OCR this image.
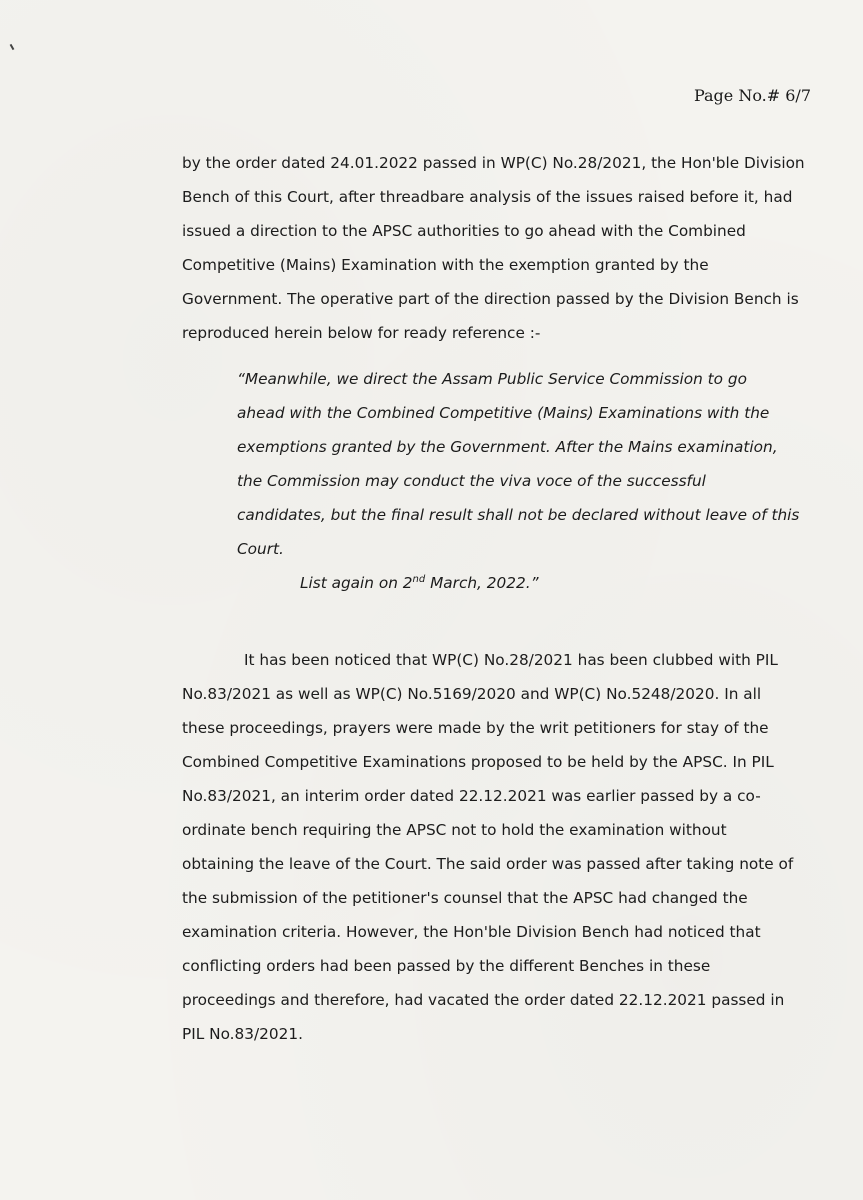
Page No.# 6/7
by the order dated 24.01.2022 passed in WP(C) No.28/2021, the Hon'ble Division
Bench of this Court, after threadbare analysis of the issues raised before it, had
issued a direction to the APSC authorities to go ahead with the Combined
Competitive (Mains) Examination with the exemption granted by the
Government. The operative part of the direction passed by the Division Bench is
reproduced herein below for ready reference :-
“Meanwhile, we direct the Assam Public Service Commission to go
ahead with the Combined Competitive (Mains) Examinations with the
exemptions granted by the Government. After the Mains examination,
the Commission may conduct the viva voce of the successful
candidates, but the final result shall not be declared without leave of this
Court.
List again on 2nd March, 2022.”
It has been noticed that WP(C) No.28/2021 has been clubbed with PIL
No.83/2021 as well as WP(C) No.5169/2020 and WP(C) No.5248/2020. In all
these proceedings, prayers were made by the writ petitioners for stay of the
Combined Competitive Examinations proposed to be held by the APSC. In PIL
No.83/2021, an interim order dated 22.12.2021 was earlier passed by a co-
ordinate bench requiring the APSC not to hold the examination without
obtaining the leave of the Court. The said order was passed after taking note of
the submission of the petitioner's counsel that the APSC had changed the
examination criteria. However, the Hon'ble Division Bench had noticed that
conflicting orders had been passed by the different Benches in these
proceedings and therefore, had vacated the order dated 22.12.2021 passed in
PIL No.83/2021.
